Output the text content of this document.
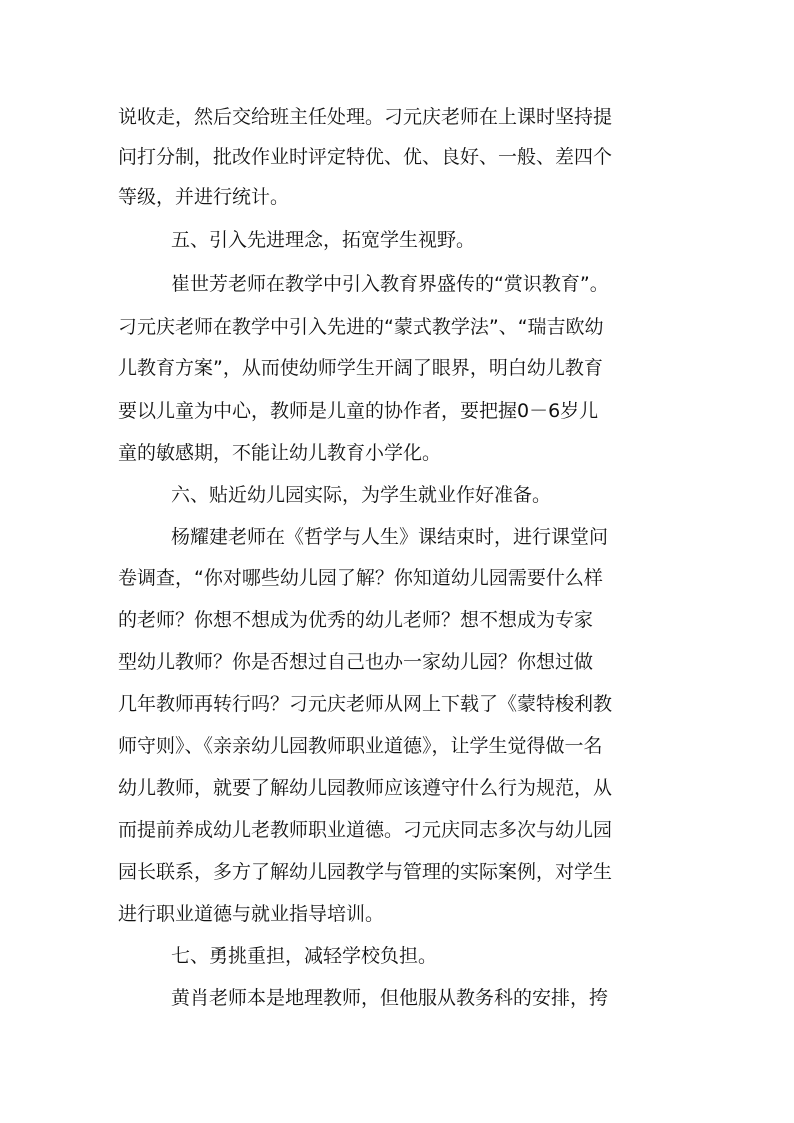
说收走，然后交给班主任处理。刁元庆老师在上课时坚持提
问打分制，批改作业时评定特优、优、良好、一般、差四个
等级，并进行统计。
五、引入先进理念，拓宽学生视野。
崔世芳老师在教学中引入教育界盛传的“赏识教育”。
刁元庆老师在教学中引入先进的“蒙式教学法”、“瑞吉欧幼
儿教育方案”，从而使幼师学生开阔了眼界，明白幼儿教育
要以儿童为中心，教师是儿童的协作者，要把握0－6岁儿
童的敏感期，不能让幼儿教育小学化。
六、贴近幼儿园实际，为学生就业作好准备。
杨耀建老师在《哲学与人生》课结束时，进行课堂问
卷调查，“你对哪些幼儿园了解？你知道幼儿园需要什么样
的老师？你想不想成为优秀的幼儿老师？想不想成为专家
型幼儿教师？你是否想过自己也办一家幼儿园？你想过做
几年教师再转行吗？刁元庆老师从网上下载了《蒙特梭利教
师守则》、《亲亲幼儿园教师职业道德》，让学生觉得做一名
幼儿教师，就要了解幼儿园教师应该遵守什么行为规范，从
而提前养成幼儿老教师职业道德。刁元庆同志多次与幼儿园
园长联系，多方了解幼儿园教学与管理的实际案例，对学生
进行职业道德与就业指导培训。
七、勇挑重担，减轻学校负担。
黄肖老师本是地理教师，但他服从教务科的安排，挎
